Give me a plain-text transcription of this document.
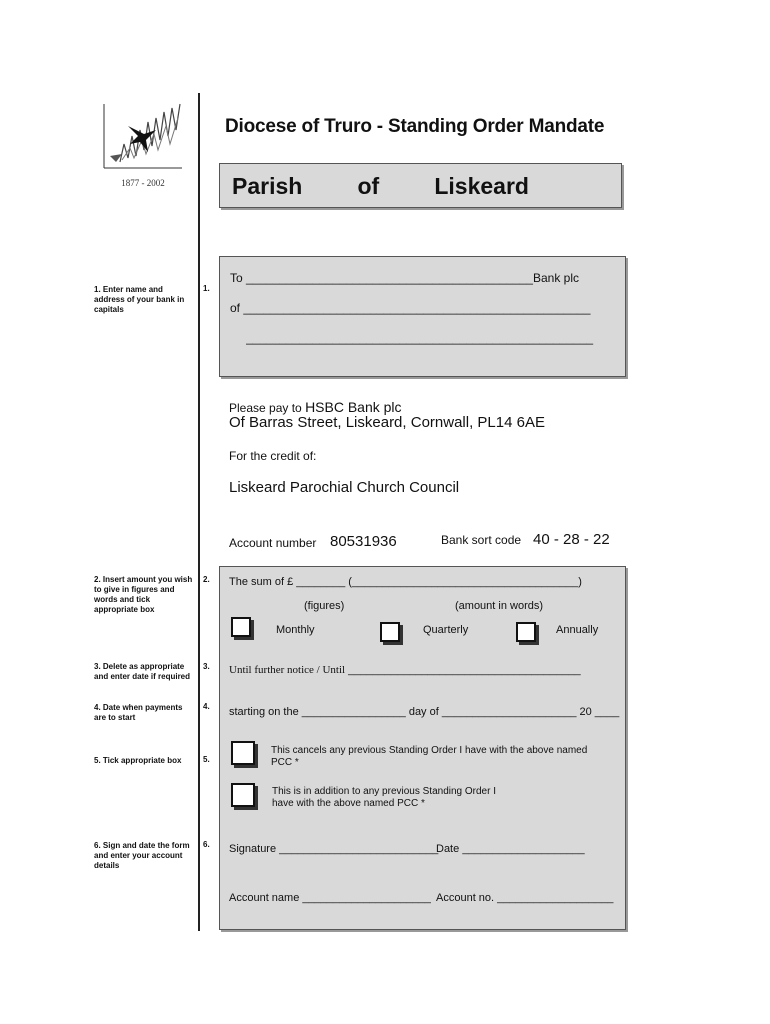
1877 - 2002
Diocese of Truro - Standing Order Mandate
Parish   of   Liskeard
1. Enter name and address of your bank in capitals
1.
To ___________________________________________Bank plc
of ____________________________________________________
____________________________________________________
Please pay to HSBC Bank plc
Of Barras Street, Liskeard, Cornwall, PL14 6AE
For the credit of:
Liskeard Parochial Church Council
Account number 80531936	Bank sort code 40 - 28 - 22
2. Insert amount you wish to give in figures and words and tick appropriate box
2. The sum of £ ________ (_____________________________________)
(figures)	(amount in words)
Monthly	Quarterly	Annually
3. Delete as appropriate and enter date if required
3. Until further notice / Until ______________________________________
4. Date when payments are to start
4. starting on the _________________ day of ______________________ 20 ____
5. Tick appropriate box	5.
This cancels any previous Standing Order I have with the above named PCC *
This is in addition to any previous Standing Order I have with the above named PCC *
6. Sign and date the form and enter your account details
6. Signature __________________________
Date ____________________
Account name _____________________ Account no. ___________________
